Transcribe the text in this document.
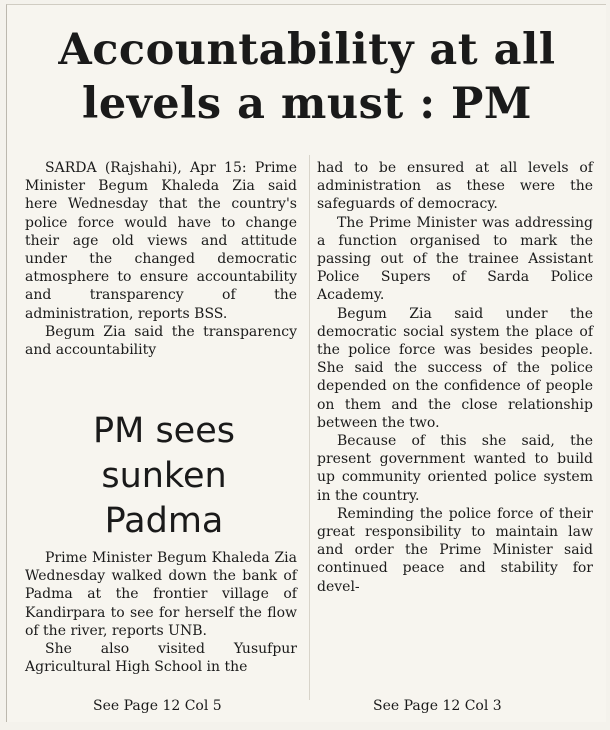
Accountability at all
levels a must : PM

SARDA (Rajshahi), Apr 15: Prime Minister Begum Khaleda Zia said here Wednesday that the country's police force would have to change their age old views and attitude under the changed democratic atmosphere to ensure accountability and transparency of the administration, reports BSS.

Begum Zia said the transparency and accountability

PM sees
sunken
Padma

Prime Minister Begum Khaleda Zia Wednesday walked down the bank of Padma at the frontier village of Kandirpara to see for herself the flow of the river, reports UNB.

She also visited Yusufpur Agricultural High School in the

had to be ensured at all levels of administration as these were the safeguards of democracy.

The Prime Minister was addressing a function organised to mark the passing out of the trainee Assistant Police Supers of Sarda Police Academy.

Begum Zia said under the democratic social system the place of the police force was besides people. She said the success of the police depended on the confidence of people on them and the close relationship between the two.

Because of this she said, the present government wanted to build up community oriented police system in the country.

Reminding the police force of their great responsibility to maintain law and order the Prime Minister said continued peace and stability for devel-

See Page 12 Col 5	See Page 12 Col 3
